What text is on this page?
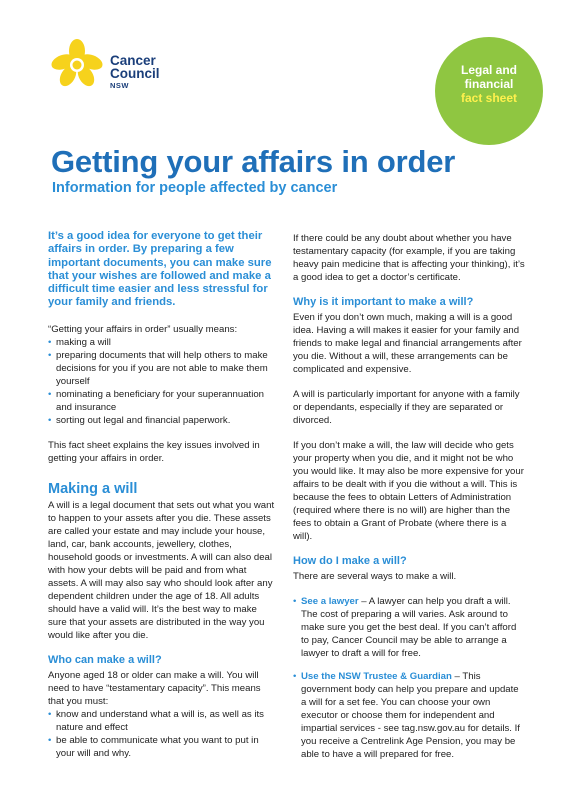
Cancer
Council
NSW
Legal and
financial
fact sheet
Getting your affairs in order
Information for people affected by cancer

It’s a good idea for everyone to get their affairs in order. By preparing a few important documents, you can make sure that your wishes are followed and make a difficult time easier and less stressful for your family and friends.

“Getting your affairs in order” usually means:

• making a will
• preparing documents that will help others to make decisions for you if you are not able to make them yourself
• nominating a beneficiary for your superannuation and insurance
• sorting out legal and financial paperwork.

This fact sheet explains the key issues involved in getting your affairs in order.

Making a will

A will is a legal document that sets out what you want to happen to your assets after you die. These assets are called your estate and may include your house, land, car, bank accounts, jewellery, clothes, household goods or investments. A will can also deal with how your debts will be paid and from what assets. A will may also say who should look after any dependent children under the age of 18. All adults should have a valid will. It’s the best way to make sure that your assets are distributed in the way you would like after you die.

Who can make a will?

Anyone aged 18 or older can make a will. You will need to have “testamentary capacity”. This means that you must:

• know and understand what a will is, as well as its nature and effect
• be able to communicate what you want to put in your will and why.

If there could be any doubt about whether you have testamentary capacity (for example, if you are taking heavy pain medicine that is affecting your thinking), it’s a good idea to get a doctor’s certificate.

Why is it important to make a will?

Even if you don’t own much, making a will is a good idea. Having a will makes it easier for your family and friends to make legal and financial arrangements after you die. Without a will, these arrangements can be complicated and expensive.

A will is particularly important for anyone with a family or dependants, especially if they are separated or divorced.

If you don’t make a will, the law will decide who gets your property when you die, and it might not be who you would like. It may also be more expensive for your affairs to be dealt with if you die without a will. This is because the fees to obtain Letters of Administration (required where there is no will) are higher than the fees to obtain a Grant of Probate (where there is a will).

How do I make a will?

There are several ways to make a will.

• See a lawyer – A lawyer can help you draft a will. The cost of preparing a will varies. Ask around to make sure you get the best deal. If you can’t afford to pay, Cancer Council may be able to arrange a lawyer to draft a will for free.
• Use the NSW Trustee & Guardian – This government body can help you prepare and update a will for a set fee. You can choose your own executor or choose them for independent and impartial services - see tag.nsw.gov.au for details. If you receive a Centrelink Age Pension, you may be able to have a will prepared for free.
